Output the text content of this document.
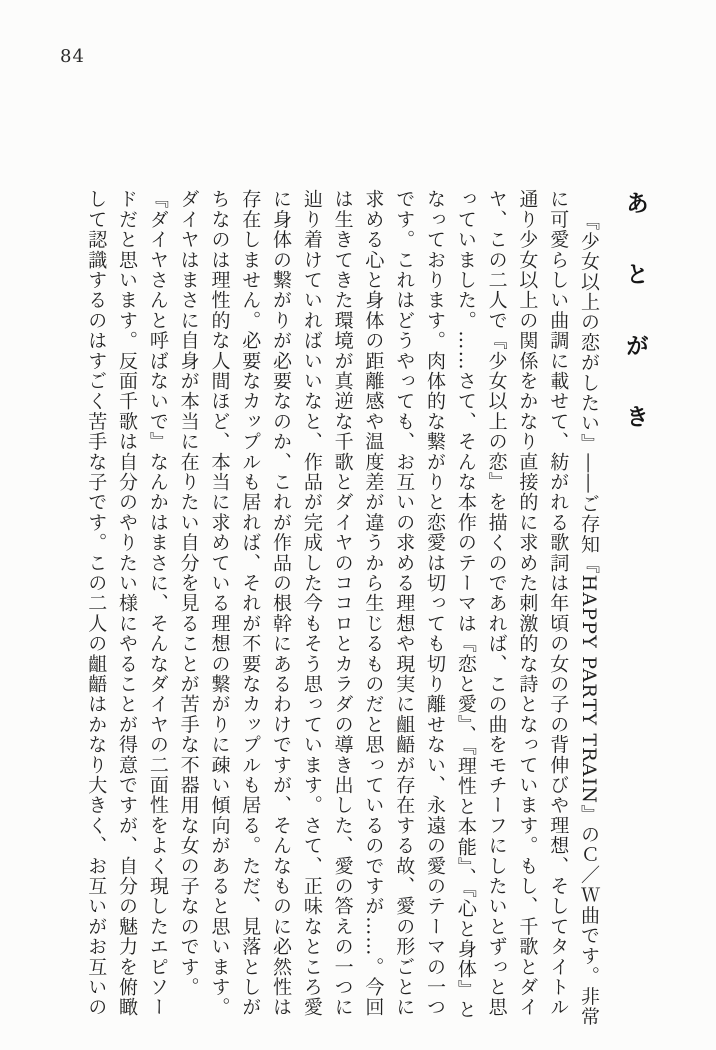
84
あ と が き

『少女以上の恋がしたい』――ご存知『HAPPY PARTY TRAIN』のＣ／Ｗ曲です。非常

に可愛らしい曲調に載せて、紡がれる歌詞は年頃の女の子の背伸びや理想、そしてタイトル

通り少女以上の関係をかなり直接的に求めた刺激的な詩となっています。もし、千歌とダイ

ヤ、この二人で『少女以上の恋』を描くのであれば、この曲をモチーフにしたいとずっと思

っていました。……さて、そんな本作のテーマは『恋と愛』、『理性と本能』、『心と身体』と

なっております。肉体的な繋がりと恋愛は切っても切り離せない、永遠の愛のテーマの一つ

です。これはどうやっても、お互いの求める理想や現実に齟齬が存在する故、愛の形ごとに

求める心と身体の距離感や温度差が違うから生じるものだと思っているのですが……。今回

は生きてきた環境が真逆な千歌とダイヤのココロとカラダの導き出した、愛の答えの一つに

辿り着けていればいいなと、作品が完成した今もそう思っています。さて、正味なところ愛

に身体の繋がりが必要なのか、これが作品の根幹にあるわけですが、そんなものに必然性は

存在しません。必要なカップルも居れば、それが不要なカップルも居る。ただ、見落としが

ちなのは理性的な人間ほど、本当に求めている理想の繋がりに疎い傾向があると思います。

ダイヤはまさに自身が本当に在りたい自分を見ることが苦手な不器用な女の子なのです。

『ダイヤさんと呼ばないで』なんかはまさに、そんなダイヤの二面性をよく現したエピソー

ドだと思います。反面千歌は自分のやりたい様にやることが得意ですが、自分の魅力を俯瞰

して認識するのはすごく苦手な子です。この二人の齟齬はかなり大きく、お互いがお互いの
